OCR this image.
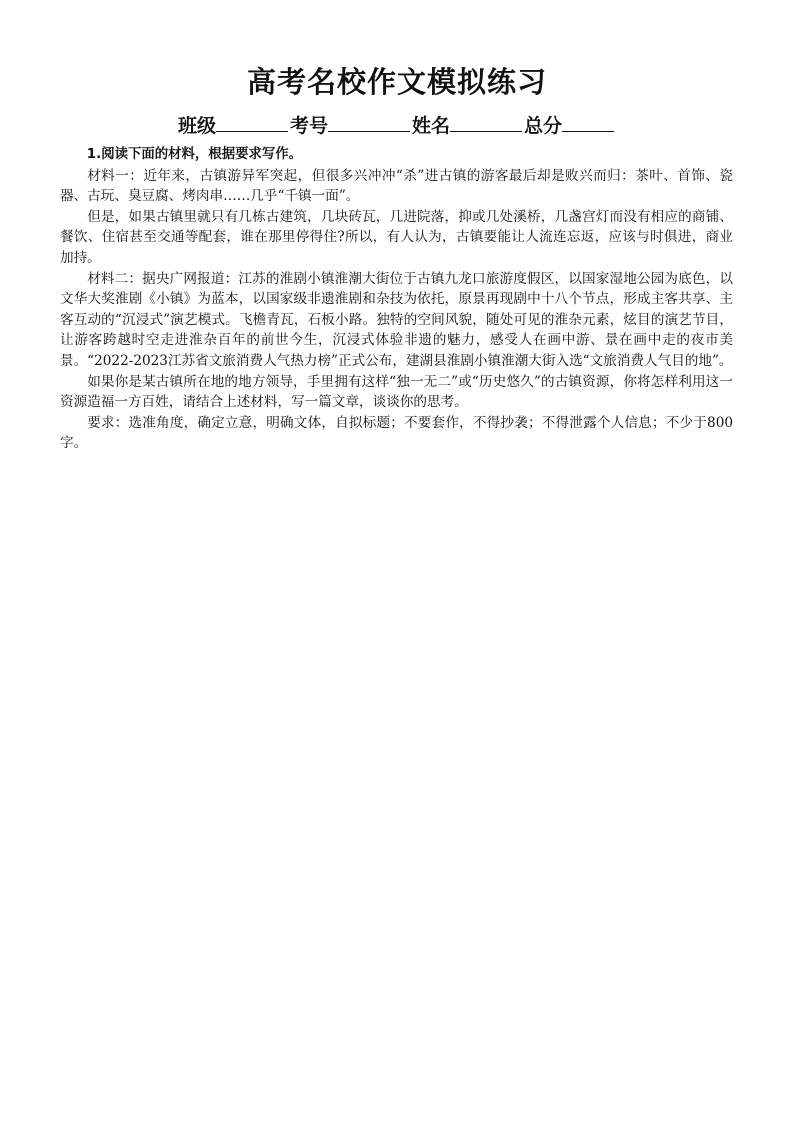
高考名校作文模拟练习
班级	考号	姓名	总分

1.阅读下面的材料，根据要求写作。

材料一：近年来，古镇游异军突起，但很多兴冲冲“杀”进古镇的游客最后却是败兴而归：茶叶、首饰、瓷器、古玩、臭豆腐、烤肉串……几乎“千镇一面”。

但是，如果古镇里就只有几栋古建筑，几块砖瓦，几进院落，抑或几处溪桥，几盏宫灯而没有相应的商铺、餐饮、住宿甚至交通等配套，谁在那里停得住?所以，有人认为，古镇要能让人流连忘返，应该与时俱进，商业加持。

材料二：据央广网报道：江苏的淮剧小镇淮潮大街位于古镇九龙口旅游度假区，以国家湿地公园为底色，以文华大奖淮剧《小镇》为蓝本，以国家级非遗淮剧和杂技为依托，原景再现剧中十八个节点，形成主客共享、主客互动的“沉浸式”演艺模式。飞檐青瓦，石板小路。独特的空间风貌，随处可见的淮杂元素，炫目的演艺节目，让游客跨越时空走进淮杂百年的前世今生，沉浸式体验非遗的魅力，感受人在画中游、景在画中走的夜市美景。“2022-2023江苏省文旅消费人气热力榜”正式公布，建湖县淮剧小镇淮潮大街入选“文旅消费人气目的地”。

如果你是某古镇所在地的地方领导，手里拥有这样“独一无二”或“历史悠久”的古镇资源，你将怎样利用这一资源造福一方百姓，请结合上述材料，写一篇文章，谈谈你的思考。

要求：选准角度，确定立意，明确文体，自拟标题；不要套作，不得抄袭；不得泄露个人信息；不少于800字。
